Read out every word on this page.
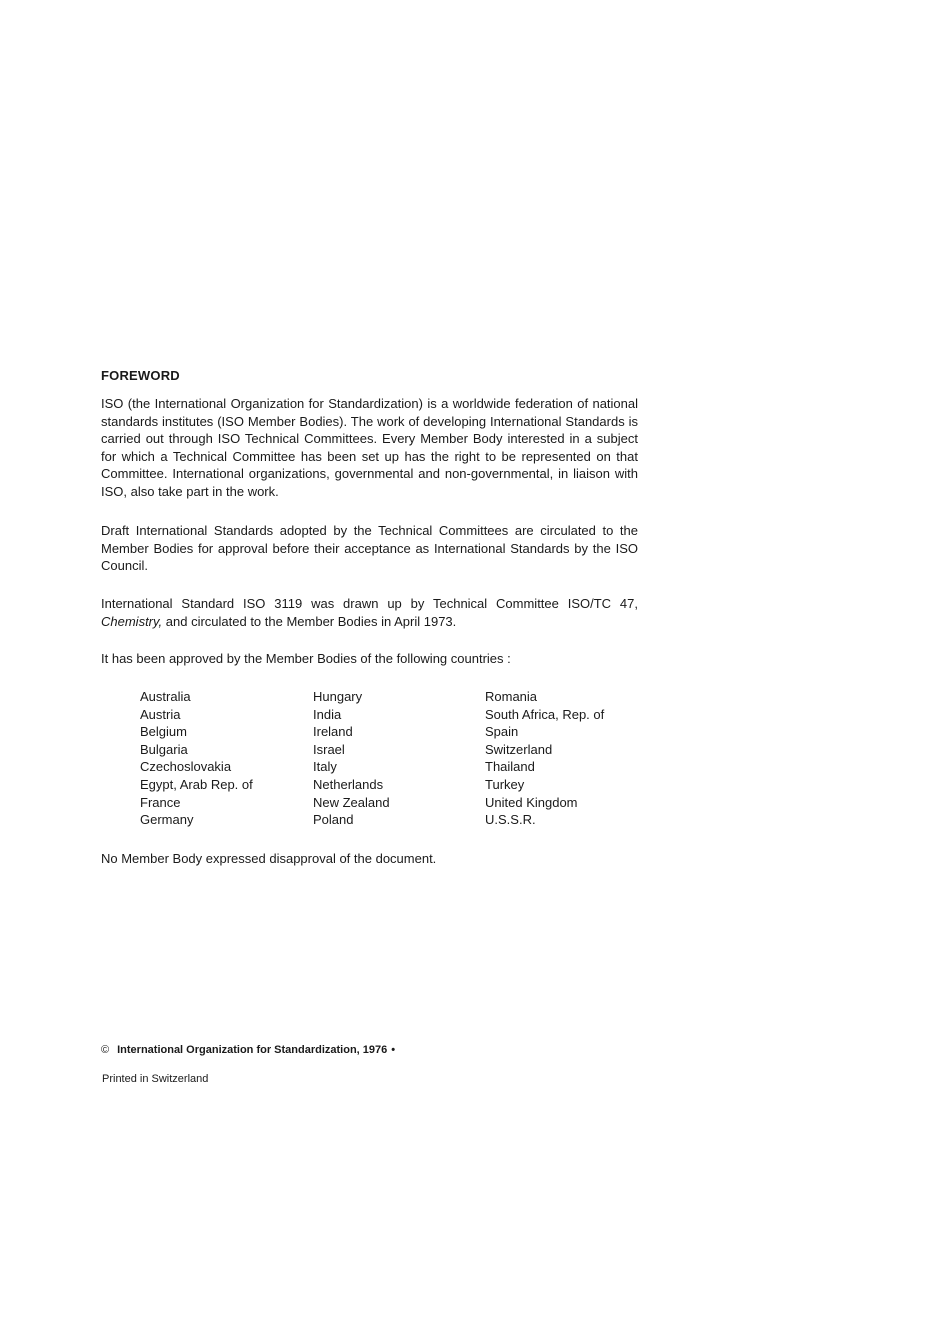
FOREWORD

ISO (the International Organization for Standardization) is a worldwide federation of national standards institutes (ISO Member Bodies). The work of developing International Standards is carried out through ISO Technical Committees. Every Member Body interested in a subject for which a Technical Committee has been set up has the right to be represented on that Committee. International organizations, governmental and non-governmental, in liaison with ISO, also take part in the work.

Draft International Standards adopted by the Technical Committees are circulated to the Member Bodies for approval before their acceptance as International Standards by the ISO Council.

International Standard ISO 3119 was drawn up by Technical Committee ISO/TC 47, Chemistry, and circulated to the Member Bodies in April 1973.

It has been approved by the Member Bodies of the following countries :

Australia
Austria
Belgium
Bulgaria
Czechoslovakia
Egypt, Arab Rep. of
France
Germany
Hungary
India
Ireland
Israel
Italy
Netherlands
New Zealand
Poland
Romania
South Africa, Rep. of
Spain
Switzerland
Thailand
Turkey
United Kingdom
U.S.S.R.

No Member Body expressed disapproval of the document.

© International Organization for Standardization, 1976 •
Printed in Switzerland
